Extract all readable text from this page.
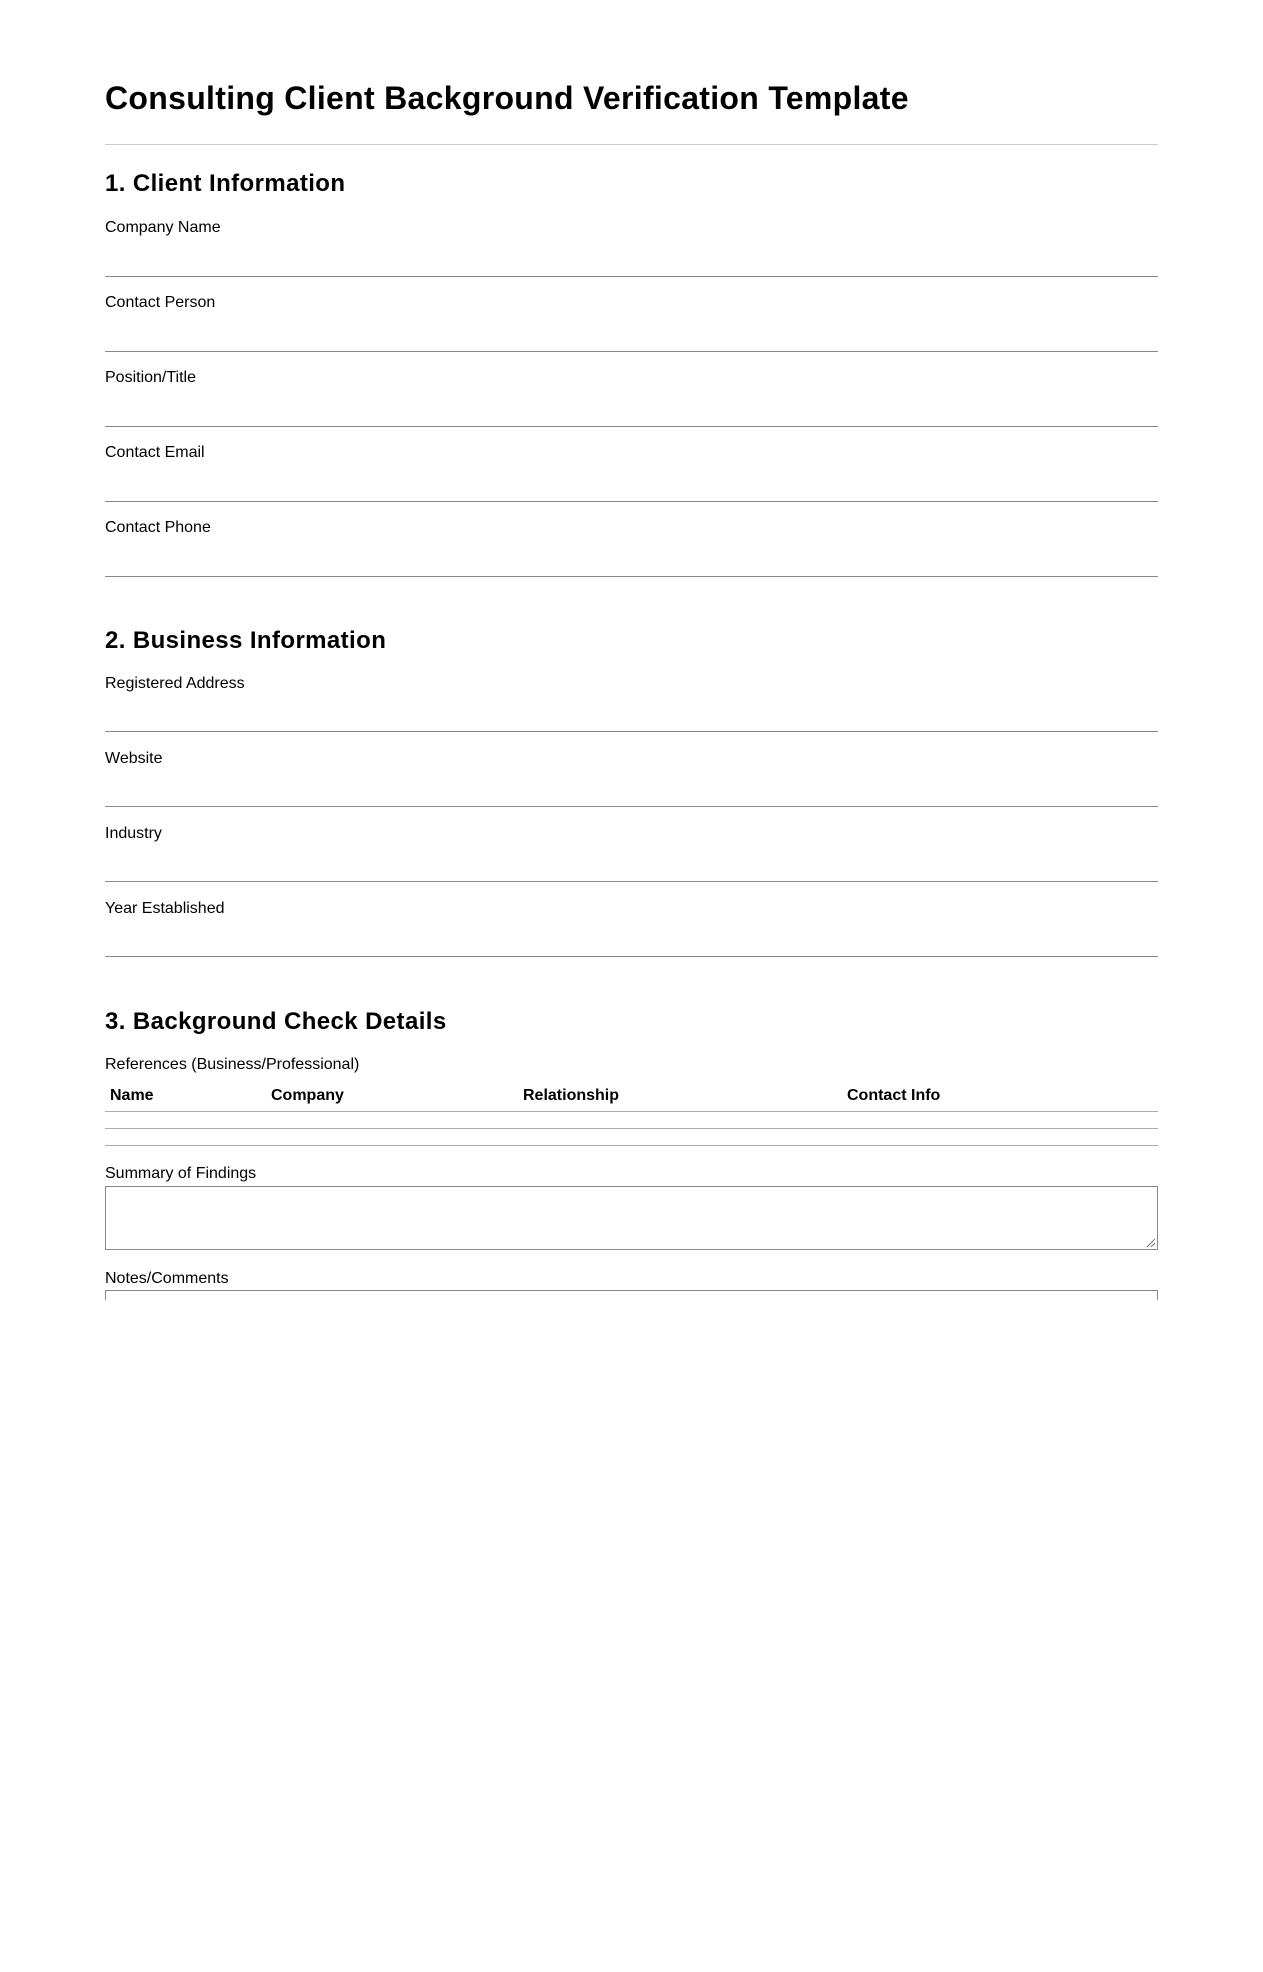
Consulting Client Background Verification Template
1. Client Information
Company Name
Contact Person
Position/Title
Contact Email
Contact Phone
2. Business Information
Registered Address
Website
Industry
Year Established
3. Background Check Details
References (Business/Professional)
Name	Company	Relationship	Contact Info
Summary of Findings
Notes/Comments
